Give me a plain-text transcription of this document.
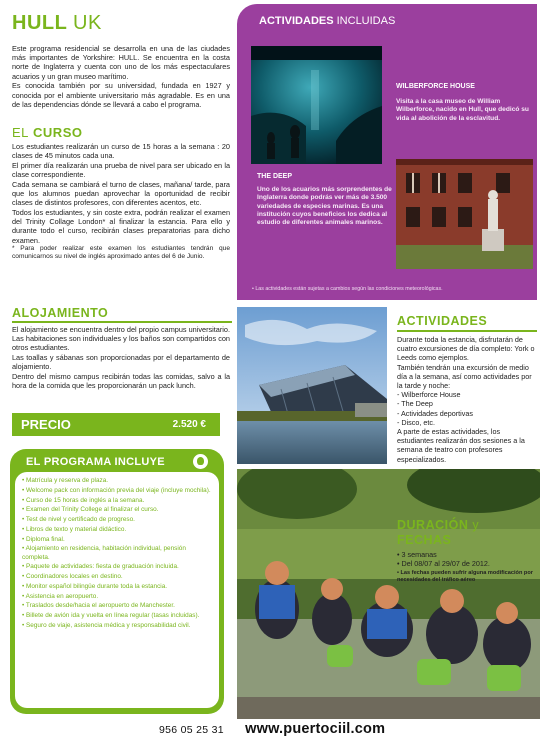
HULL UK

Este programa residencial se desarrolla en una de las ciudades más importantes de Yorkshire: HULL. Se encuentra en la costa norte de Inglaterra y cuenta con uno de los más espectaculares acuarios y un gran museo marítimo.

Es conocida también por su universidad, fundada en 1927 y conocida por el ambiente universitario más agradable. Es en una de las dependencias dónde se llevará a cabo el programa.

EL CURSO

Los estudiantes realizarán un curso de 15 horas a la semana : 20 clases de 45 minutos cada una.

El primer día realizarán una prueba de nivel para ser ubicado en la clase correspondiente.

Cada semana se cambiará el turno de clases, mañana/ tarde, para que los alumnos puedan aprovechar la oportunidad de recibir clases de distintos profesores, con diferentes acentos, etc.

Todos los estudiantes, y sin coste extra, podrán realizar el examen del Trinity Collage London* al finalizar la estancia. Para ello y durante todo el curso, recibirán clases preparatorias para dicho examen.

* Para poder realizar este examen los estudiantes tendrán que comunicarnos su nivel de inglés aproximado antes del 6 de Junio.

ALOJAMIENTO

El alojamiento se encuentra dentro del propio campus universitario. Las habitaciones son individuales y los baños son compartidos con otros estudiantes.

Las toallas y sábanas son proporcionadas por el departamento de alojamiento.

Dentro del mismo campus recibirán todas las comidas, salvo a la hora de la comida que les proporcionarán un pack lunch.

PRECIO	2.520 €
EL PROGRAMA INCLUYE
• Matrícula y reserva de plaza.
• Welcome pack con información previa del viaje (incluye mochila).
• Curso de 15 horas de inglés a la semana.
• Examen del Trinity College al finalizar el curso.
• Test de nivel y certificado de progreso.
• Libros de texto y material didáctico.
• Diploma final.
• Alojamiento en residencia, habitación individual, pensión completa.
• Paquete de actividades: fiesta de graduación incluida.
• Coordinadores locales en destino.
• Monitor español bilingüe durante toda la estancia.
• Asistencia en aeropuerto.
• Traslados desde/hacia el aeropuerto de Manchester.
• Billete de avión ida y vuelta en línea regular (tasas incluidas).
• Seguro de viaje, asistencia médica y responsabilidad civil.
956 05 25 31 www.puertociil.com
ACTIVIDADES INCLUIDAS
THE DEEP
Uno de los acuarios más sorprendentes de Inglaterra donde podrás ver más de 3.500 variedades de especies marinas. Es una institución cuyos beneficios los dedica al estudio de diferentes animales marinos.
WILBERFORCE HOUSE
Visita a la casa museo de William Wilberforce, nacido en Hull, que dedicó su vida al abolición de la esclavitud.
• Las actividades están sujetas a cambios según las condiciones meteorológicas.
ACTIVIDADES
Durante toda la estancia, disfrutarán de cuatro excursiones de día completo: York o Leeds como ejemplos.
También tendrán una excursión de medio día a la semana, así como actividades por la tarde y noche:
- Wilberforce House
- The Deep
- Actividades deportivas
- Disco, etc.
A parte de estas actividades, los estudiantes realizarán dos sesiones a la semana de teatro con profesores especializados.
DURACIÓN y
FECHAS
• 3 semanas
• Del 08/07 al 29/07 de 2012.
• Las fechas pueden sufrir alguna modificación por necesidades del tráfico aéreo
